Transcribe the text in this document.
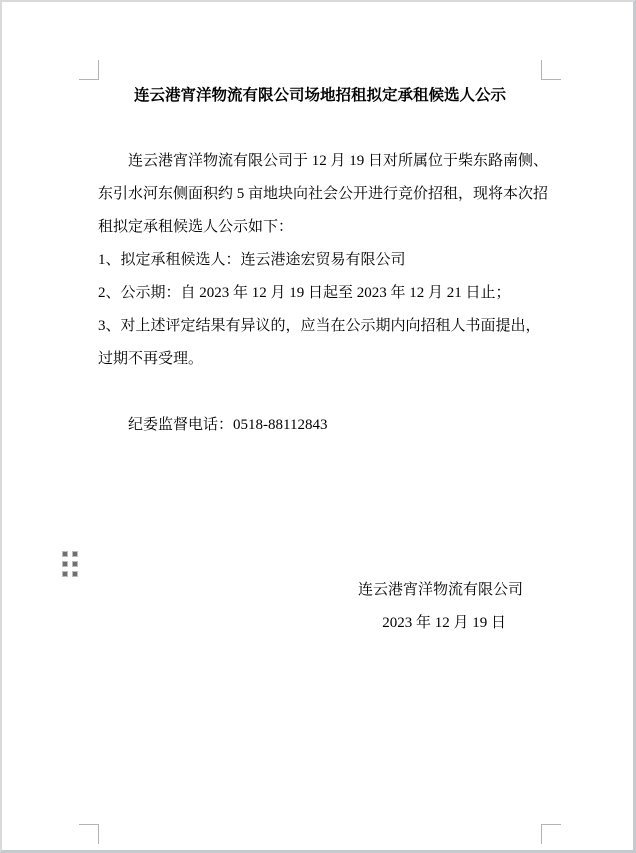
连云港宵洋物流有限公司场地招租拟定承租候选人公示
连云港宵洋物流有限公司于 12 月 19 日对所属位于柴东路南侧、
东引水河东侧面积约 5 亩地块向社会公开进行竞价招租，现将本次招
租拟定承租候选人公示如下：
1、拟定承租候选人：连云港途宏贸易有限公司
2、公示期：自 2023 年 12 月 19 日起至 2023 年 12 月 21 日止；
3、对上述评定结果有异议的，应当在公示期内向招租人书面提出，
过期不再受理。
纪委监督电话：0518-88112843
连云港宵洋物流有限公司
2023 年 12 月 19 日
